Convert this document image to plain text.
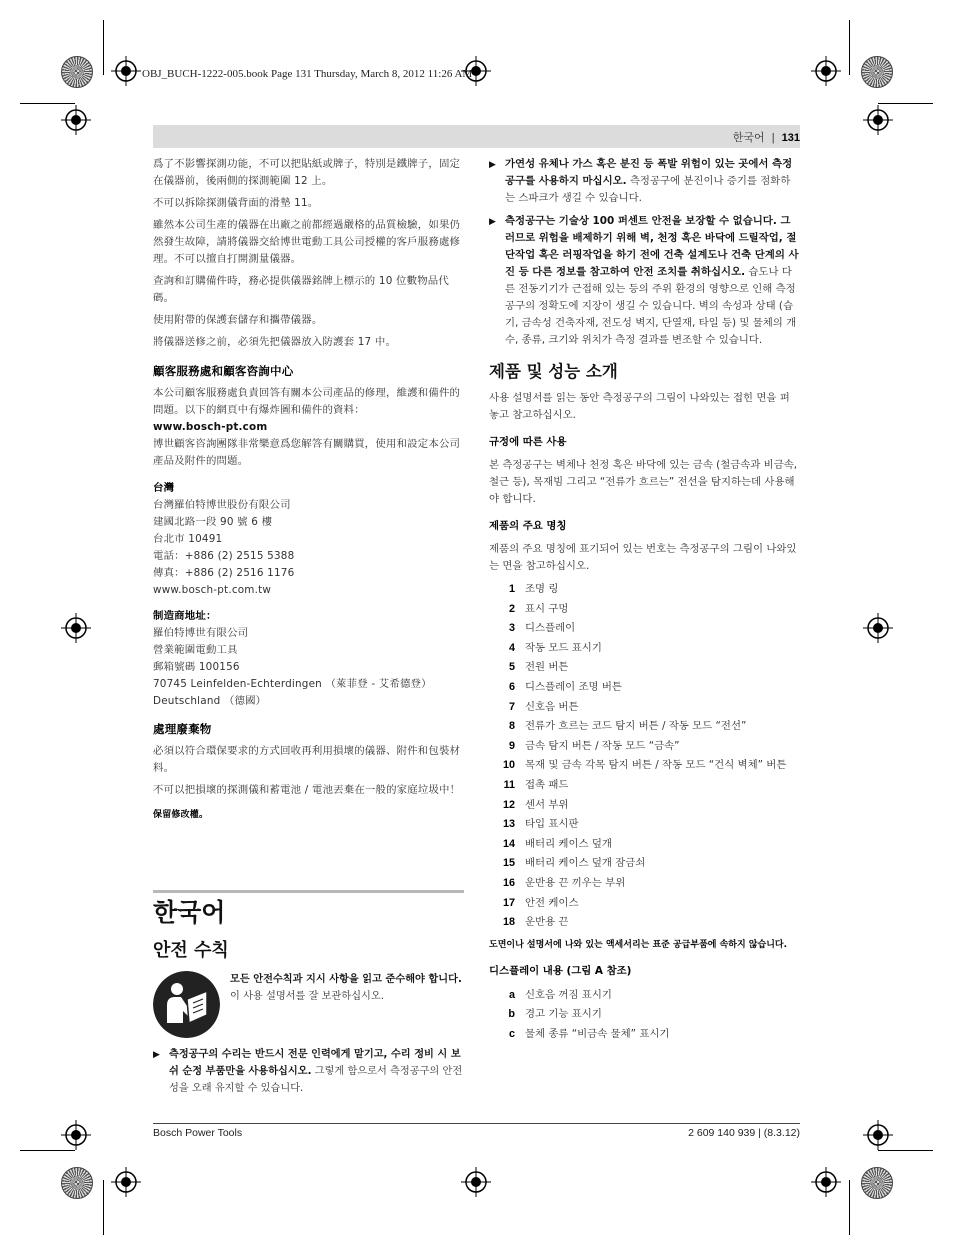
OBJ_BUCH-1222-005.book Page 131 Thursday, March 8, 2012 11:26 AM
한국어 | 131

爲了不影響探測功能，不可以把貼紙或牌子，特別是鐵牌子，固定在儀器前，後兩側的探測範圍 12 上。

不可以拆除探測儀背面的滑墊 11。

雖然本公司生產的儀器在出廠之前都經過嚴格的品質檢驗，如果仍然發生故障，請將儀器交給博世電動工具公司授權的客戶服務處修理。不可以擅自打開測量儀器。

查詢和訂購備件時，務必提供儀器銘牌上標示的 10 位數物品代碼。

使用附帶的保護套儲存和攜帶儀器。

將儀器送修之前，必須先把儀器放入防護套 17 中。

顧客服務處和顧客咨詢中心

本公司顧客服務處負責回答有關本公司產品的修理，維護和備件的問題。以下的網頁中有爆炸圖和備件的資料：

www.bosch-pt.com

博世顧客咨詢團隊非常樂意爲您解答有關購買，使用和設定本公司產品及附件的問題。

台灣

台灣羅伯特博世股份有限公司

建國北路一段 90 號 6 樓

台北市 10491

電話：+886 (2) 2515 5388

傳真：+886 (2) 2516 1176

www.bosch-pt.com.tw

制造商地址：

羅伯特博世有限公司

營業範圍電動工具

郵箱號碼 100156

70745 Leinfelden-Echterdingen （萊菲登 - 艾希德登）

Deutschland （德國）

處理廢棄物

必須以符合環保要求的方式回收再利用損壞的儀器、附件和包裝材料。

不可以把損壞的探測儀和蓄電池 / 電池丟棄在一般的家庭垃圾中！

保留修改權。

한국어
안전 수칙
모든 안전수칙과 지시 사항을 읽고 준수해야 합니다. 이 사용 설명서를 잘 보관하십시오.
▶ 측정공구의 수리는 반드시 전문 인력에게 맡기고, 수리 정비 시 보쉬 순정 부품만을 사용하십시오. 그렇게 함으로서 측정공구의 안전성을 오래 유지할 수 있습니다.
▶ 가연성 유체나 가스 혹은 분진 등 폭발 위험이 있는 곳에서 측정공구를 사용하지 마십시오. 측정공구에 분진이나 증기를 점화하는 스파크가 생길 수 있습니다.
▶ 측정공구는 기술상 100 퍼센트 안전을 보장할 수 없습니다. 그러므로 위험을 배제하기 위해 벽, 천정 혹은 바닥에 드릴작업, 절단작업 혹은 러핑작업을 하기 전에 건축 설계도나 건축 단계의 사진 등 다른 정보를 참고하여 안전 조치를 취하십시오. 습도나 다른 전동기기가 근접해 있는 등의 주위 환경의 영향으로 인해 측정공구의 정확도에 지장이 생길 수 있습니다. 벽의 속성과 상태 (습기, 금속성 건축자재, 전도성 벽지, 단열재, 타일 등) 및 물체의 개수, 종류, 크기와 위치가 측정 결과를 변조할 수 있습니다.
제품 및 성능 소개

사용 설명서를 읽는 동안 측정공구의 그림이 나와있는 접힌 면을 펴 놓고 참고하십시오.

규정에 따른 사용

본 측정공구는 벽체나 천정 혹은 바닥에 있는 금속 (철금속과 비금속, 철근 등), 목재빔 그리고 “전류가 흐르는” 전선을 탐지하는데 사용해야 합니다.

제품의 주요 명칭

제품의 주요 명칭에 표기되어 있는 번호는 측정공구의 그림이 나와있는 면을 참고하십시오.

1 조명 링
2 표시 구멍
3 디스플레이
4 작동 모드 표시기
5 전원 버튼
6 디스플레이 조명 버튼
7 신호음 버튼
8 전류가 흐르는 코드 탐지 버튼 / 작동 모드 “전선”
9 금속 탐지 버튼 / 작동 모드 “금속”
10 목재 및 금속 각목 탐지 버튼 / 작동 모드 “건식 벽체” 버튼
11 접촉 패드
12 센서 부위
13 타입 표시판
14 배터리 케이스 덮개
15 배터리 케이스 덮개 잠금쇠
16 운반용 끈 끼우는 부위
17 안전 케이스
18 운반용 끈

도면이나 설명서에 나와 있는 액세서리는 표준 공급부품에 속하지 않습니다.

디스플레이 내용 (그림 A 참조)
a 신호음 꺼짐 표시기
b 경고 기능 표시기
c 물체 종류 “비금속 물체” 표시기
Bosch Power Tools	2 609 140 939 | (8.3.12)
